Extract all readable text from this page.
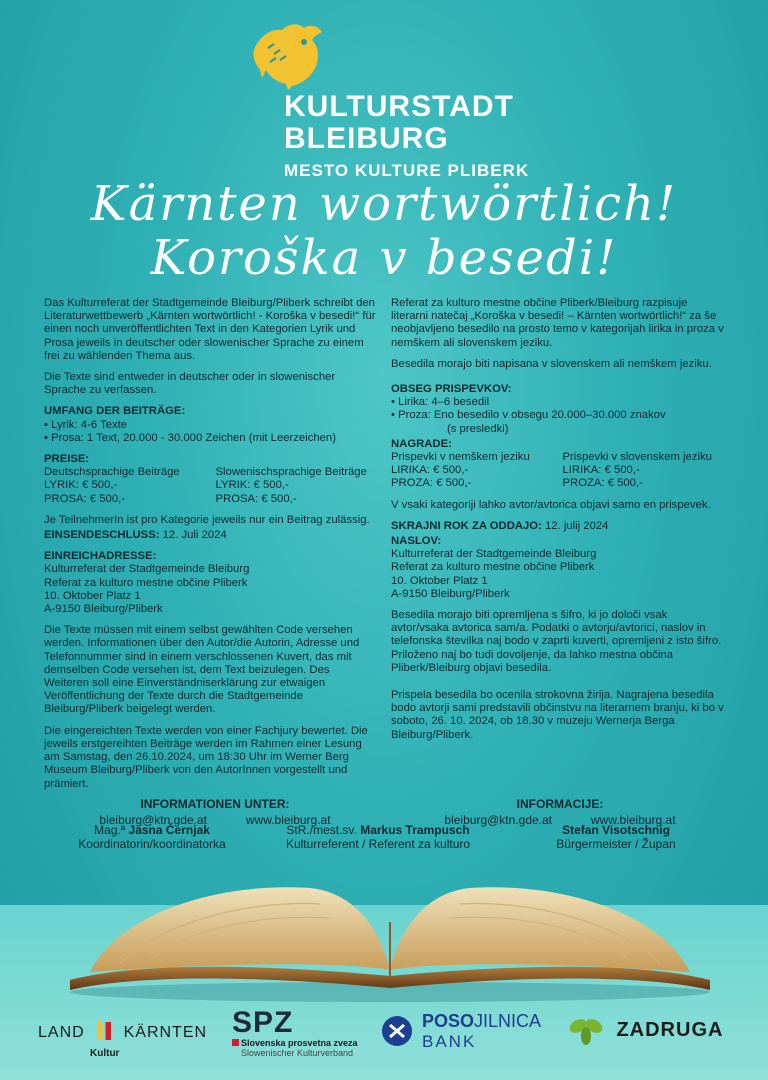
KULTURSTADT
BLEIBURG
MESTO KULTURE PLIBERK
Kärnten wortwörtlich!
Koroška v besedi!

Das Kulturreferat der Stadtgemeinde Bleiburg/Pliberk schreibt den Literaturwettbewerb „Kärnten wortwörtlich! - Koroška v besedi!“ für einen noch unveröffentlichten Text in den Kategorien Lyrik und Prosa jeweils in deutscher oder slowenischer Sprache zu einem frei zu wählenden Thema aus.

Die Texte sind entweder in deutscher oder in slowenischer Sprache zu verfassen.

UMFANG DER BEITRÄGE:
• Lyrik: 4-6 Texte
• Prosa: 1 Text, 20.000 - 30.000 Zeichen (mit Leerzeichen)
PREISE:
Deutschsprachige Beiträge
LYRIK: € 500,-
PROSA: € 500,-
Slowenischsprachige Beiträge
LYRIK: € 500,-
PROSA: € 500,-

Je TeilnehmerIn ist pro Kategorie jeweils nur ein Beitrag zulässig.

EINSENDESCHLUSS: 12. Juli 2024
EINREICHADRESSE:
Kulturreferat der Stadtgemeinde Bleiburg
Referat za kulturo mestne občine Pliberk
10. Oktober Platz 1
A-9150 Bleiburg/Pliberk

Die Texte müssen mit einem selbst gewählten Code versehen werden. Informationen über den Autor/die Autorin, Adresse und Telefonnummer sind in einem verschlossenen Kuvert, das mit demselben Code versehen ist, dem Text beizulegen. Des Weiteren soll eine Einverständniserklärung zur etwaigen Veröffentlichung der Texte durch die Stadtgemeinde Bleiburg/Pliberk beigelegt werden.

Die eingereichten Texte werden von einer Fachjury bewertet. Die jeweils erstgereihten Beiträge werden im Rahmen einer Lesung am Samstag, den 26.10.2024, um 18:30 Uhr im Werner Berg Museum Bleiburg/Pliberk von den AutorInnen vorgestellt und prämiert.

Referat za kulturo mestne občine Pliberk/Bleiburg razpisuje literarni natečaj „Koroška v besedi! – Kärnten wortwörtlich!“ za še neobjavljeno besedilo na prosto temo v kategorijah lirika in proza v nemškem ali slovenskem jeziku.

Besedila morajo biti napisana v slovenskem ali nemškem jeziku.

OBSEG PRISPEVKOV:
• Lirika: 4–6 besedil
• Proza: Eno besedilo v obsegu 20.000–30.000 znakov
(s presledki)
NAGRADE:
Prispevki v nemškem jeziku
LIRIKA: € 500,-
PROZA: € 500,-
Prispevki v slovenskem jeziku
LIRIKA: € 500,-
PROZA: € 500,-

V vsaki kategoriji lahko avtor/avtorica objavi samo en prispevek.

SKRAJNI ROK ZA ODDAJO: 12. julij 2024
NASLOV:
Kulturreferat der Stadtgemeinde Bleiburg
Referat za kulturo mestne občine Pliberk
10. Oktober Platz 1
A-9150 Bleiburg/Pliberk

Besedila morajo biti opremljena s šifro, ki jo določi vsak avtor/vsaka avtorica sam/a. Podatki o avtorju/avtorici, naslov in telefonska številka naj bodo v zaprti kuverti, opremljeni z isto šifro. Priloženo naj bo tudi dovoljenje, da lahko mestna občina Pliberk/Bleiburg objavi besedila.

Prispela besedila bo ocenila strokovna žirija. Nagrajena besedila bodo avtorji sami predstavili občinstvu na literarnem branju, ki bo v soboto, 26. 10. 2024, ob 18.30 v muzeju Wernerja Berga Bleiburg/Pliberk.

INFORMATIONEN UNTER:
bleiburg@ktn.gde.at	www.bleiburg.at
INFORMACIJE:
bleiburg@ktn.gde.at	www.bleiburg.at
Mag.ª Jasna Černjak
Koordinatorin/koordinatorka
StR./mest.sv. Markus Trampusch
Kulturreferent / Referent za kulturo
Stefan Visotschnig
Bürgermeister / Župan
LAND KÄRNTEN
Kultur
SPZ
Slovenska prosvetna zveza
Slowenischer Kulturverband
POSOJILNICA
BANK
ZADRUGA
